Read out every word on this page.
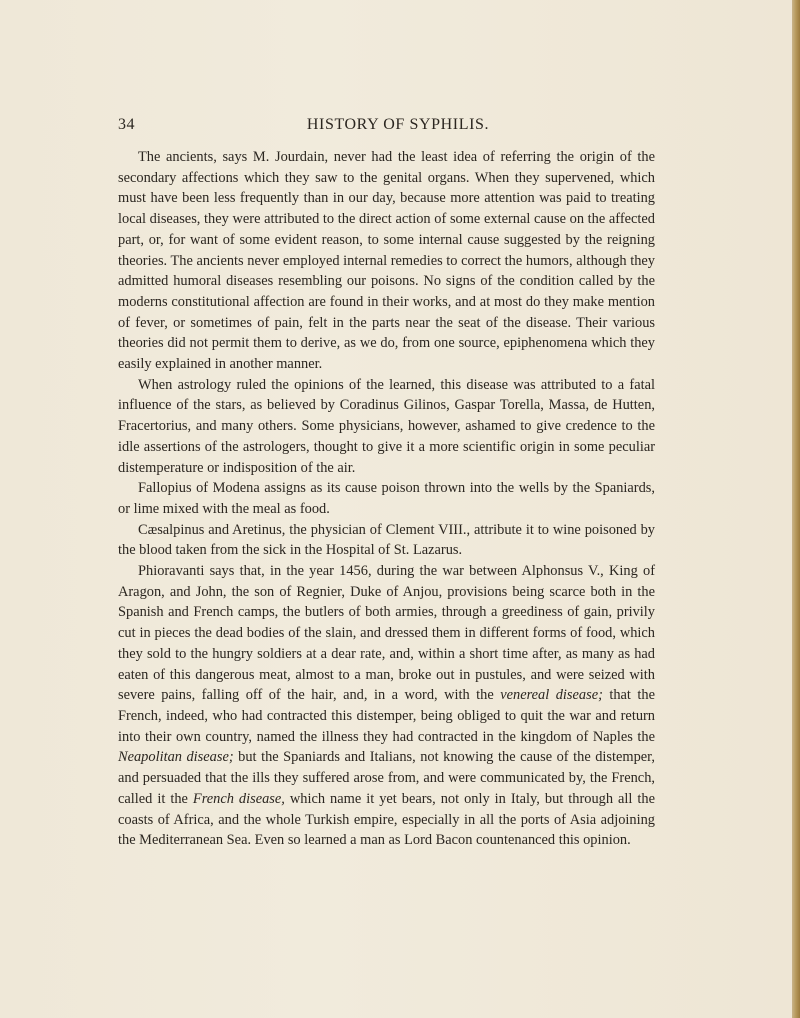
34	HISTORY OF SYPHILIS.

The ancients, says M. Jourdain, never had the least idea of referring the origin of the secondary affections which they saw to the genital organs. When they supervened, which must have been less frequently than in our day, because more attention was paid to treating local diseases, they were attributed to the direct action of some external cause on the affected part, or, for want of some evident reason, to some internal cause suggested by the reigning theories. The ancients never employed internal remedies to correct the humors, although they admitted humoral diseases resembling our poisons. No signs of the condition called by the moderns constitutional affection are found in their works, and at most do they make mention of fever, or sometimes of pain, felt in the parts near the seat of the disease. Their various theories did not permit them to derive, as we do, from one source, epiphenomena which they easily explained in another manner.

When astrology ruled the opinions of the learned, this disease was attributed to a fatal influence of the stars, as believed by Coradinus Gilinos, Gaspar Torella, Massa, de Hutten, Fracertorius, and many others. Some physicians, however, ashamed to give credence to the idle assertions of the astrologers, thought to give it a more scientific origin in some peculiar distemperature or indisposition of the air.

Fallopius of Modena assigns as its cause poison thrown into the wells by the Spaniards, or lime mixed with the meal as food.

Cæsalpinus and Aretinus, the physician of Clement VIII., attribute it to wine poisoned by the blood taken from the sick in the Hospital of St. Lazarus.

Phioravanti says that, in the year 1456, during the war between Alphonsus V., King of Aragon, and John, the son of Regnier, Duke of Anjou, provisions being scarce both in the Spanish and French camps, the butlers of both armies, through a greediness of gain, privily cut in pieces the dead bodies of the slain, and dressed them in different forms of food, which they sold to the hungry soldiers at a dear rate, and, within a short time after, as many as had eaten of this dangerous meat, almost to a man, broke out in pustules, and were seized with severe pains, falling off of the hair, and, in a word, with the venereal disease; that the French, indeed, who had contracted this distemper, being obliged to quit the war and return into their own country, named the illness they had contracted in the kingdom of Naples the Neapolitan disease; but the Spaniards and Italians, not knowing the cause of the distemper, and persuaded that the ills they suffered arose from, and were communicated by, the French, called it the French disease, which name it yet bears, not only in Italy, but through all the coasts of Africa, and the whole Turkish empire, especially in all the ports of Asia adjoining the Mediterranean Sea. Even so learned a man as Lord Bacon countenanced this opinion.
